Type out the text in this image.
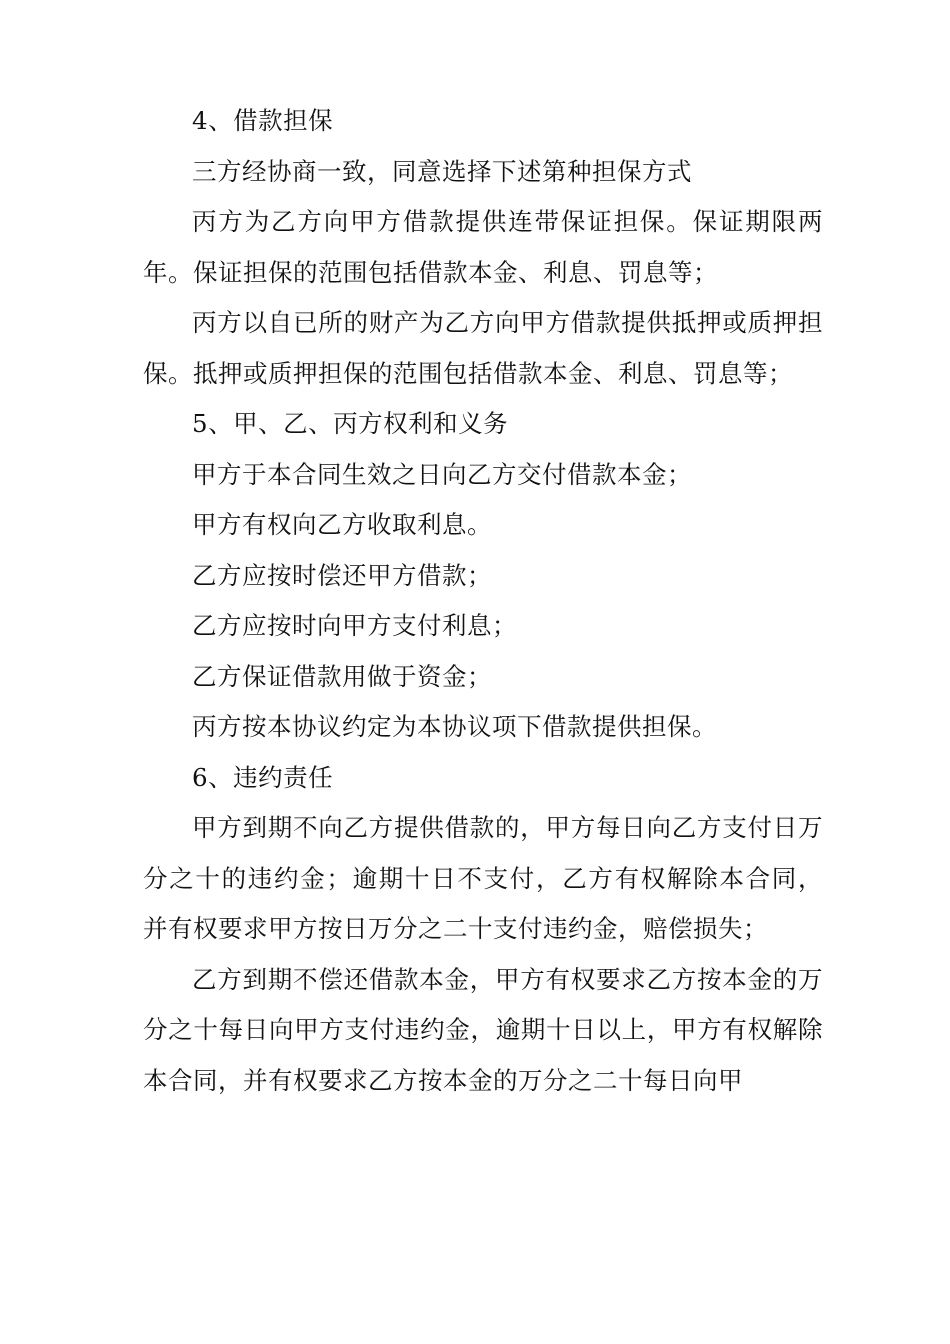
4、借款担保

三方经协商一致，同意选择下述第种担保方式

丙方为乙方向甲方借款提供连带保证担保。保证期限两年。保证担保的范围包括借款本金、利息、罚息等；

丙方以自已所的财产为乙方向甲方借款提供抵押或质押担保。抵押或质押担保的范围包括借款本金、利息、罚息等；

5、甲、乙、丙方权利和义务

甲方于本合同生效之日向乙方交付借款本金；

甲方有权向乙方收取利息。

乙方应按时偿还甲方借款；

乙方应按时向甲方支付利息；

乙方保证借款用做于资金；

丙方按本协议约定为本协议项下借款提供担保。

6、违约责任

甲方到期不向乙方提供借款的，甲方每日向乙方支付日万分之十的违约金；逾期十日不支付，乙方有权解除本合同， 并有权要求甲方按日万分之二十支付违约金，赔偿损失；

乙方到期不偿还借款本金，甲方有权要求乙方按本金的万分之十每日向甲方支付违约金，逾期十日以上，甲方有权解除本合同，并有权要求乙方按本金的万分之二十每日向甲
